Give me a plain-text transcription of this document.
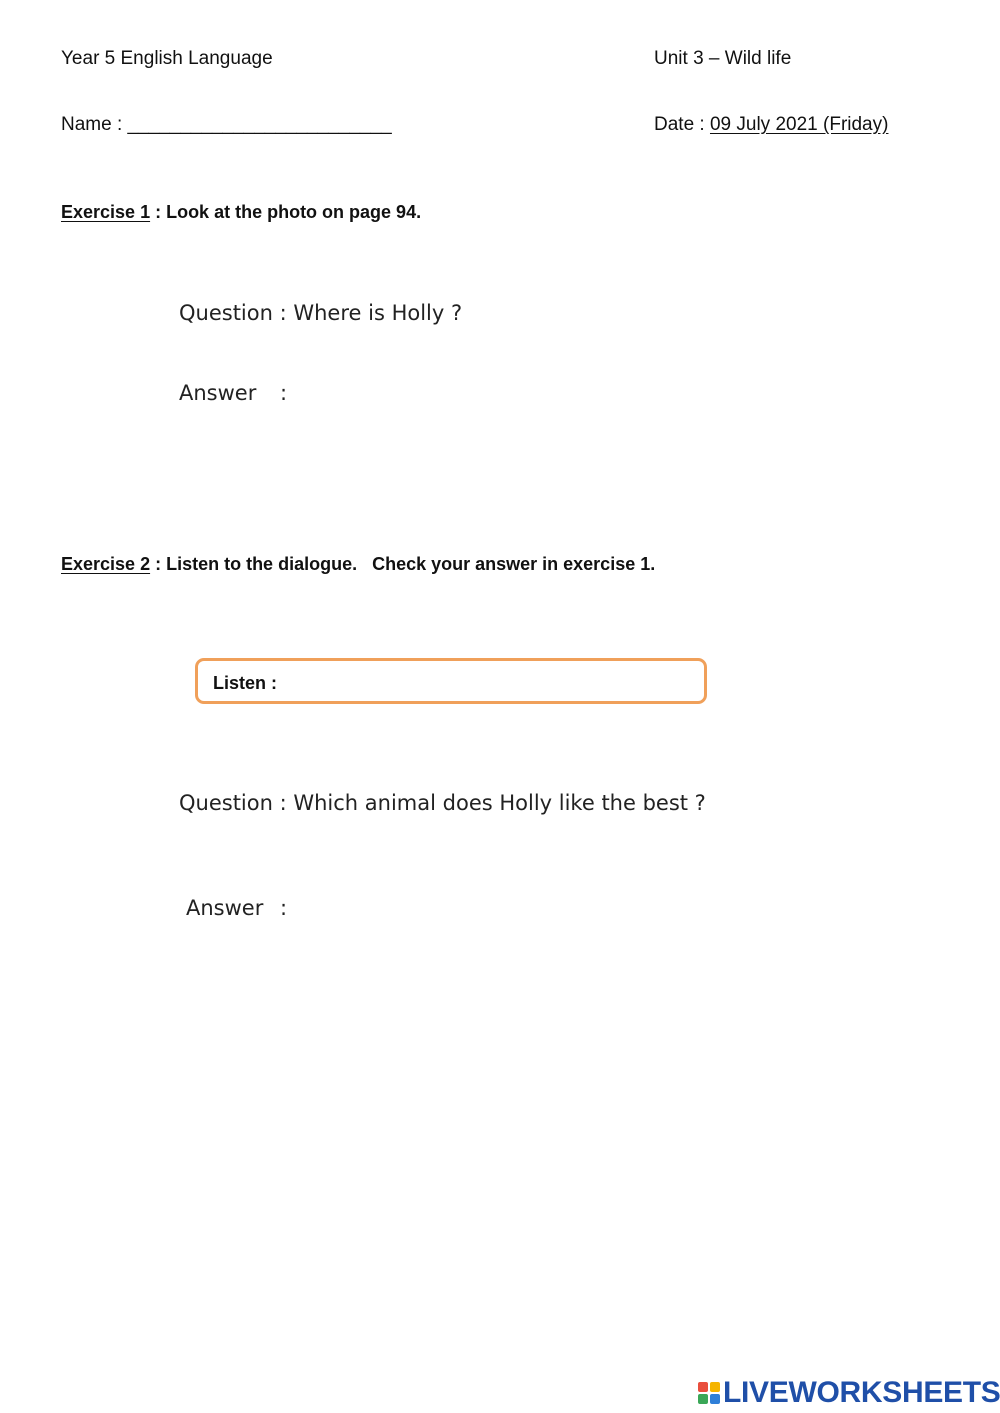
Year 5 English Language	Unit 3 – Wild life
Name : _________________________	Date : 09 July 2021 (Friday)
Exercise 1 : Look at the photo on page 94.
Question : Where is Holly ?
Answer :
Exercise 2 : Listen to the dialogue.   Check your answer in exercise 1.
Listen :
Question : Which animal does Holly like the best ?
Answer :
LIVEWORKSHEETS
